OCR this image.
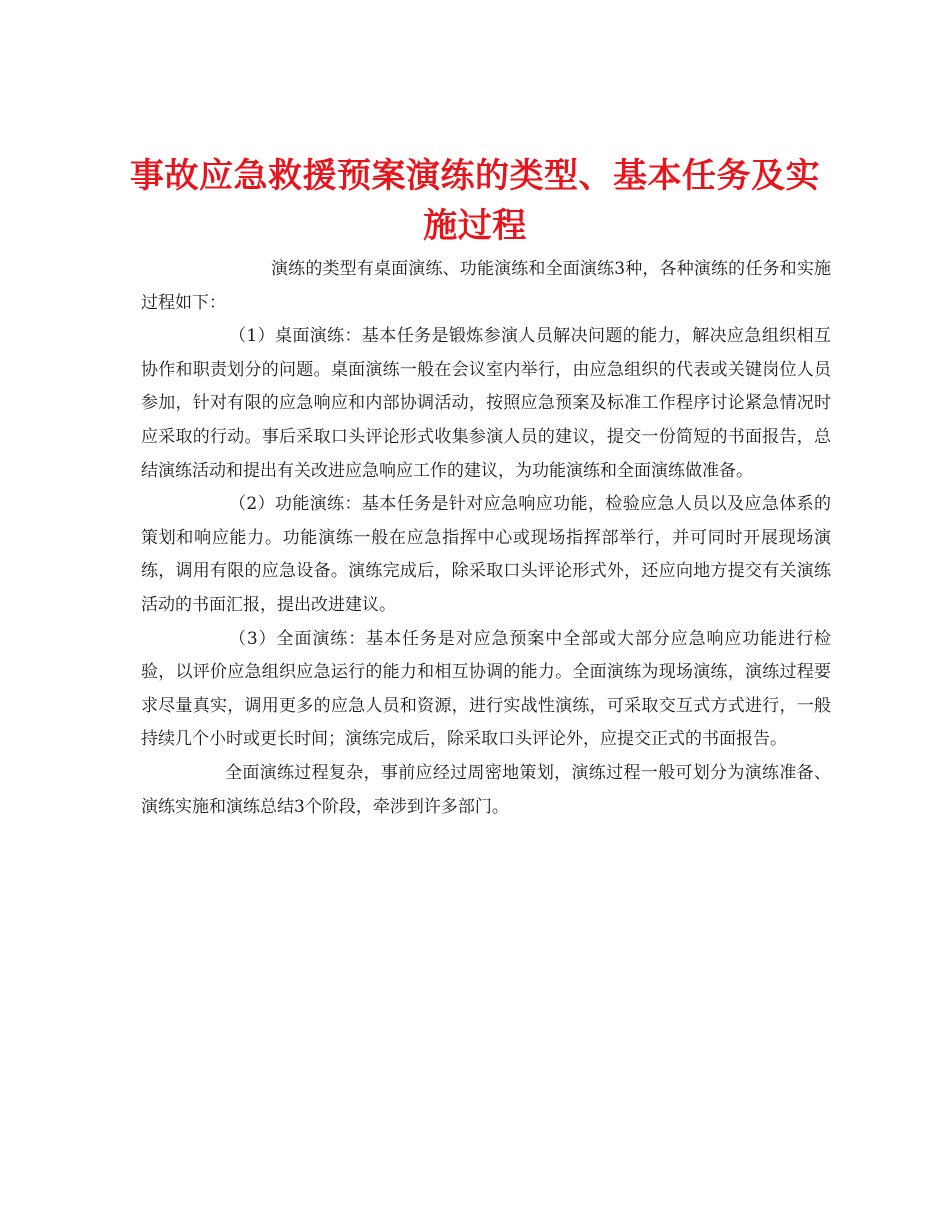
事故应急救援预案演练的类型、基本任务及实施过程

演练的类型有桌面演练、功能演练和全面演练3种，各种演练的任务和实施过程如下：

（1）桌面演练：基本任务是锻炼参演人员解决问题的能力，解决应急组织相互协作和职责划分的问题。桌面演练一般在会议室内举行，由应急组织的代表或关键岗位人员参加，针对有限的应急响应和内部协调活动，按照应急预案及标准工作程序讨论紧急情况时应采取的行动。事后采取口头评论形式收集参演人员的建议，提交一份简短的书面报告，总结演练活动和提出有关改进应急响应工作的建议，为功能演练和全面演练做准备。

（2）功能演练：基本任务是针对应急响应功能，检验应急人员以及应急体系的策划和响应能力。功能演练一般在应急指挥中心或现场指挥部举行，并可同时开展现场演练，调用有限的应急设备。演练完成后，除采取口头评论形式外，还应向地方提交有关演练活动的书面汇报，提出改进建议。

（3）全面演练：基本任务是对应急预案中全部或大部分应急响应功能进行检验，以评价应急组织应急运行的能力和相互协调的能力。全面演练为现场演练，演练过程要求尽量真实，调用更多的应急人员和资源，进行实战性演练，可采取交互式方式进行，一般持续几个小时或更长时间；演练完成后，除采取口头评论外，应提交正式的书面报告。

全面演练过程复杂，事前应经过周密地策划，演练过程一般可划分为演练准备、演练实施和演练总结3个阶段，牵涉到许多部门。
